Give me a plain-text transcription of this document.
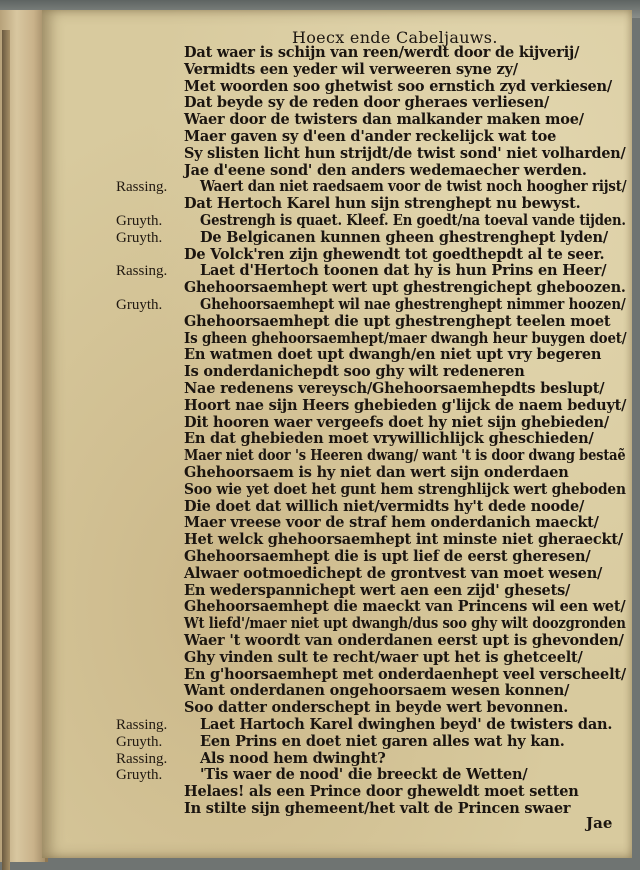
Hoecx ende Cabeljauws.
Dat waer is schijn van reen/werdt door de kijverij/
Vermidts een yeder wil verweeren syne zy/
Met woorden soo ghetwist soo ernstich zyd verkiesen/
Dat beyde sy de reden door gheraes verliesen/
Waer door de twisters dan malkander maken moe/
Maer gaven sy d'een d'ander reckelijck wat toe
Sy slisten licht hun strijdt/de twist sond' niet volharden/
Jae d'eene sond' den anders wedemaecher werden.
Rassing. Waert dan niet raedsaem voor de twist noch hoogher rijst/
Dat Hertoch Karel hun sijn strenghept nu bewyst.
Gruyth.	Gestrengh is quaet. Kleef. En goedt/na toeval vande tijden.
Gruyth.	De Belgicanen kunnen gheen ghestrenghept lyden/
De Volck'ren zijn ghewendt tot goedthepdt al te seer.
Rassing. Laet d'Hertoch toonen dat hy is hun Prins en Heer/
Ghehoorsaemhept wert upt ghestrengichept gheboozen.
Gruyth.	Ghehoorsaemhept wil nae ghestrenghept nimmer hoozen/
Ghehoorsaemhept die upt ghestrenghept teelen moet
Is gheen ghehoorsaemhept/maer dwangh heur buygen doet/
En watmen doet upt dwangh/en niet upt vry begeren
Is onderdanichepdt soo ghy wilt redeneren
Nae redenens vereysch/Ghehoorsaemhepdts beslupt/
Hoort nae sijn Heers ghebieden g'lijck de naem beduyt/
Dit hooren waer vergeefs doet hy niet sijn ghebieden/
En dat ghebieden moet vrywillichlijck gheschieden/
Maer niet door 's Heeren dwang/ want 't is door dwang bestaẽ
Ghehoorsaem is hy niet dan wert sijn onderdaen
Soo wie yet doet het gunt hem strenghlijck wert gheboden
Die doet dat willich niet/vermidts hy't dede noode/
Maer vreese voor de straf hem onderdanich maeckt/
Het welck ghehoorsaemhept int minste niet gheraeckt/
Ghehoorsaemhept die is upt lief de eerst gheresen/
Alwaer ootmoedichept de grontvest van moet wesen/
En wederspannichept wert aen een zijd' ghesets/
Ghehoorsaemhept die maeckt van Princens wil een wet/
Wt liefd'/maer niet upt dwangh/dus soo ghy wilt doozgronden
Waer 't woordt van onderdanen eerst upt is ghevonden/
Ghy vinden sult te recht/waer upt het is ghetceelt/
En g'hoorsaemhept met onderdaenhept veel verscheelt/
Want onderdanen ongehoorsaem wesen konnen/
Soo datter onderschept in beyde wert bevonnen.
Rassing. Laet Hartoch Karel dwinghen beyd' de twisters dan.
Gruyth.	Een Prins en doet niet garen alles wat hy kan.
Rassing. Als nood hem dwinght?
Gruyth.	'Tis waer de nood' die breeckt de Wetten/
Helaes! als een Prince door gheweldt moet setten
In stilte sijn ghemeent/het valt de Princen swaer
Jae
